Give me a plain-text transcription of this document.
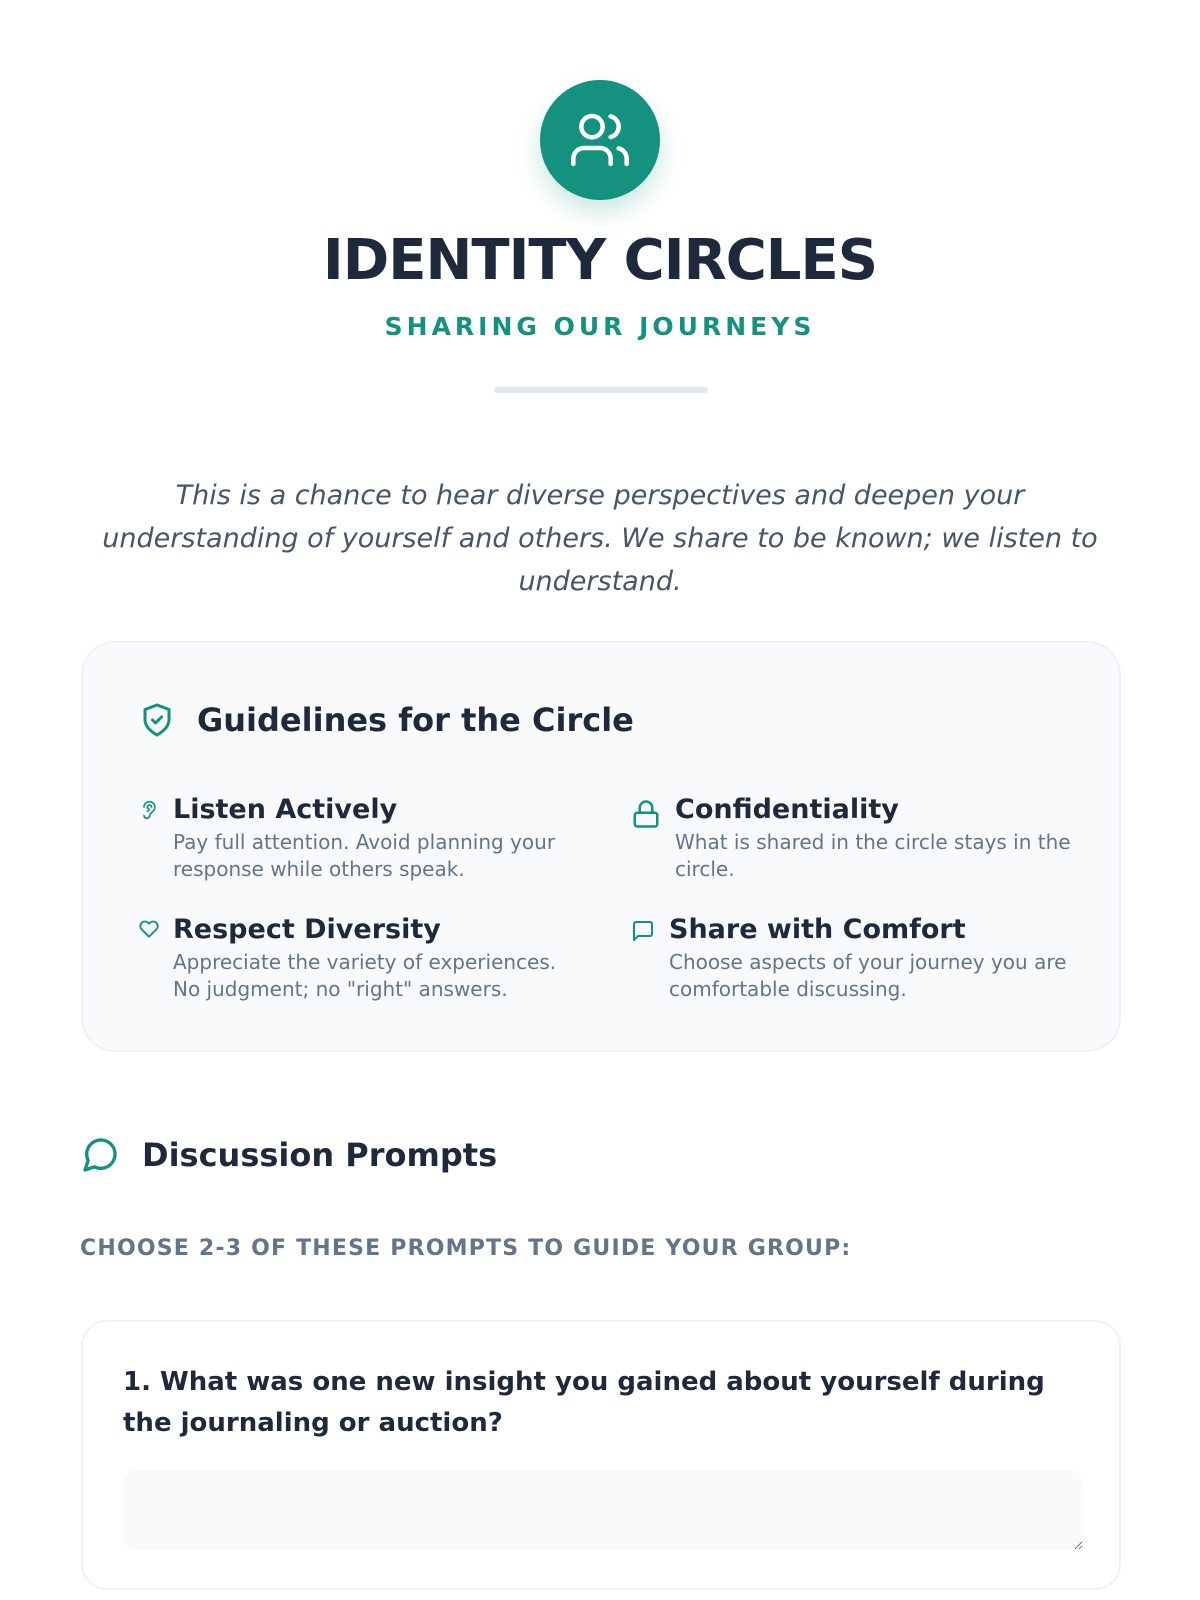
IDENTITY CIRCLES
SHARING OUR JOURNEYS

This is a chance to hear diverse perspectives and deepen your understanding of yourself and others. We share to be known; we listen to understand.

Guidelines for the Circle
Listen Actively

Pay full attention. Avoid planning your response while others speak.

Confidentiality

What is shared in the circle stays in the circle.

Respect Diversity

Appreciate the variety of experiences. No judgment; no "right" answers.

Share with Comfort

Choose aspects of your journey you are comfortable discussing.

Discussion Prompts
CHOOSE 2-3 OF THESE PROMPTS TO GUIDE YOUR GROUP:
1. What was one new insight you gained about yourself during the journaling or auction?
